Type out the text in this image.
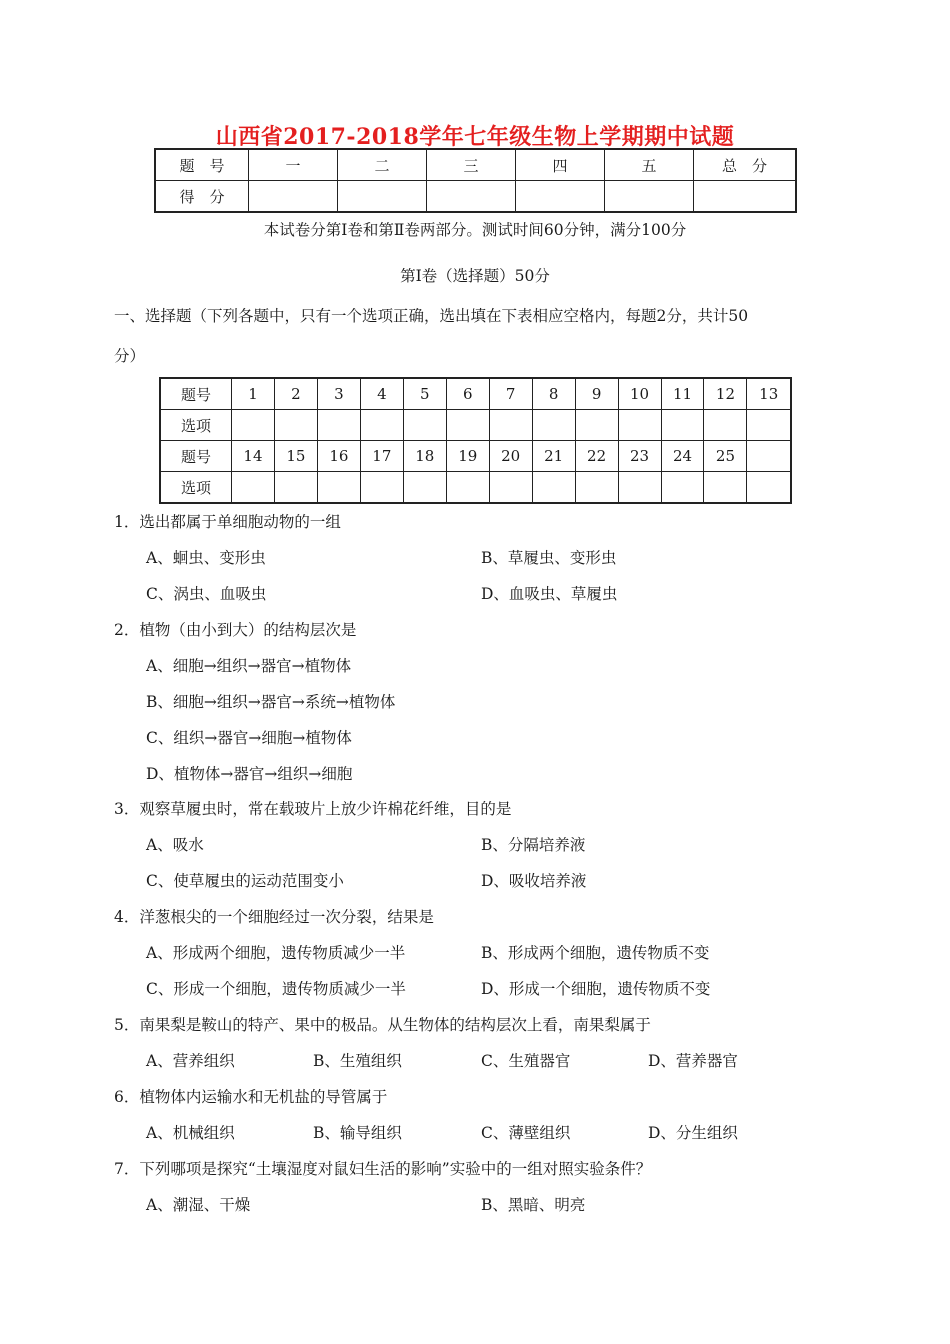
山西省2017-2018学年七年级生物上学期期中试题
题　号	一	二	三	四	五	总　分
得　分						
本试卷分第Ⅰ卷和第Ⅱ卷两部分。测试时间60分钟，满分100分
第Ⅰ卷（选择题）50分
一、选择题（下列各题中，只有一个选项正确，选出填在下表相应空格内，每题2分，共计50
分）
题号	1	2	3	4	5	6	7	8	9	10	11	12	13
选项													
题号	14	15	16	17	18	19	20	21	22	23	24	25	
选项													
1．选出都属于单细胞动物的一组
A、蛔虫、变形虫	B、草履虫、变形虫
C、涡虫、血吸虫	D、血吸虫、草履虫
2．植物（由小到大）的结构层次是
A、细胞→组织→器官→植物体
B、细胞→组织→器官→系统→植物体
C、组织→器官→细胞→植物体
D、植物体→器官→组织→细胞
3．观察草履虫时，常在载玻片上放少许棉花纤维，目的是
A、吸水	B、分隔培养液
C、使草履虫的运动范围变小	D、吸收培养液
4．洋葱根尖的一个细胞经过一次分裂，结果是
A、形成两个细胞，遗传物质减少一半	B、形成两个细胞，遗传物质不变
C、形成一个细胞，遗传物质减少一半	D、形成一个细胞，遗传物质不变
5．南果梨是鞍山的特产、果中的极品。从生物体的结构层次上看，南果梨属于
A、营养组织	B、生殖组织	C、生殖器官	D、营养器官
6．植物体内运输水和无机盐的导管属于
A、机械组织	B、输导组织	C、薄壁组织	D、分生组织
7．下列哪项是探究“土壤湿度对鼠妇生活的影响”实验中的一组对照实验条件？
A、潮湿、干燥	B、黑暗、明亮
